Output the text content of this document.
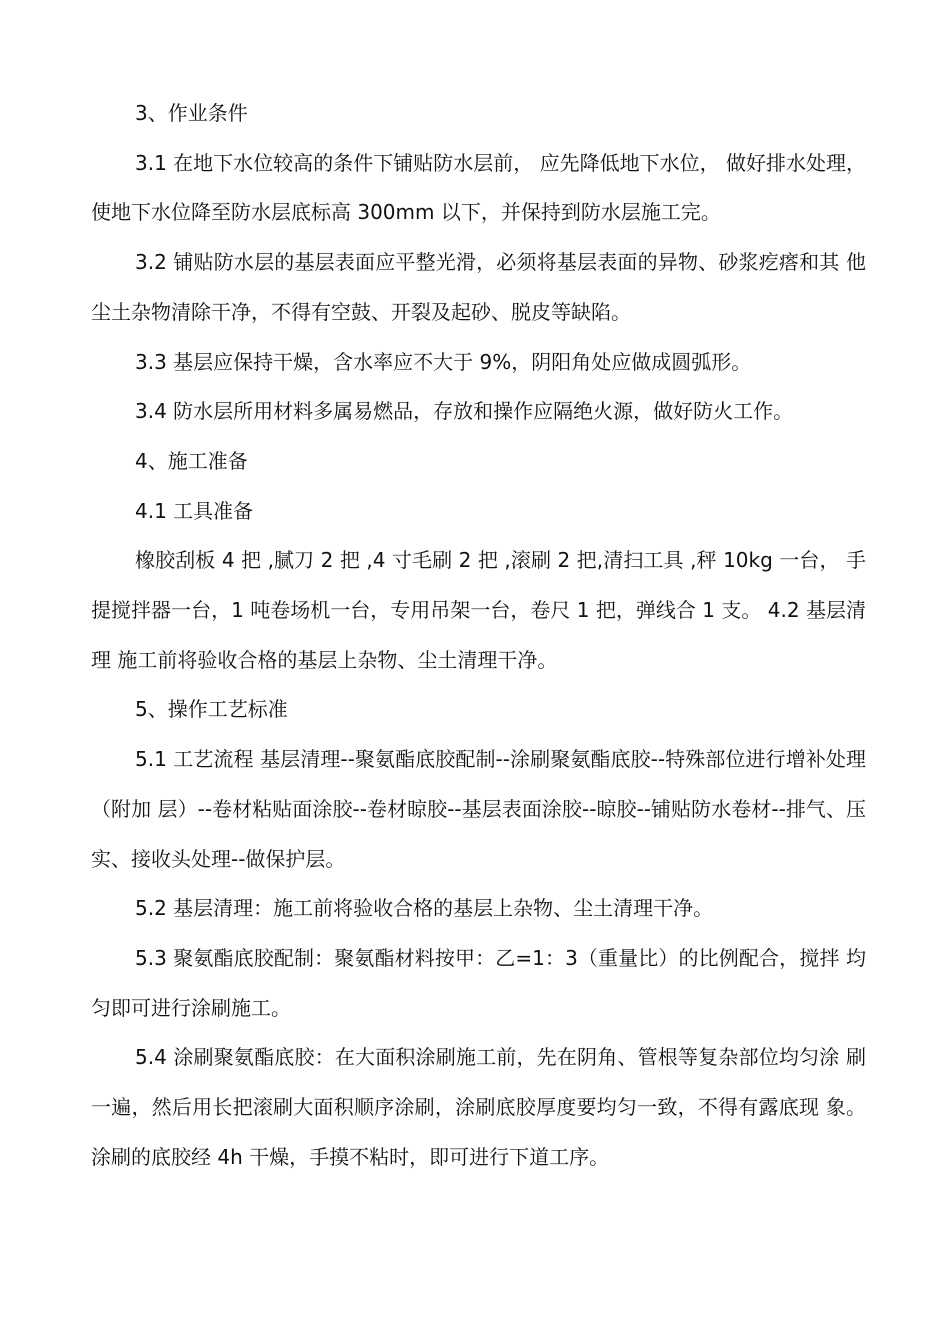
3、作业条件

3.1 在地下水位较高的条件下铺贴防水层前， 应先降低地下水位， 做好排水处理， 使地下水位降至防水层底标高 300mm 以下，并保持到防水层施工完。

3.2 铺贴防水层的基层表面应平整光滑，必须将基层表面的异物、砂浆疙瘩和其 他尘土杂物清除干净，不得有空鼓、开裂及起砂、脱皮等缺陷。

3.3 基层应保持干燥，含水率应不大于 9%，阴阳角处应做成圆弧形。

3.4 防水层所用材料多属易燃品，存放和操作应隔绝火源，做好防火工作。

4、施工准备

4.1 工具准备

橡胶刮板 4 把 ,腻刀 2 把 ,4 寸毛刷 2 把 ,滚刷 2 把,清扫工具 ,秤 10kg 一台， 手提搅拌器一台，1 吨卷场机一台，专用吊架一台，卷尺 1 把，弹线合 1 支。 4.2 基层清理 施工前将验收合格的基层上杂物、尘土清理干净。

5、操作工艺标准

5.1 工艺流程 基层清理--聚氨酯底胶配制--涂刷聚氨酯底胶--特殊部位进行增补处理（附加 层）--卷材粘贴面涂胶--卷材晾胶--基层表面涂胶--晾胶--铺贴防水卷材--排气、压 实、接收头处理--做保护层。

5.2 基层清理：施工前将验收合格的基层上杂物、尘土清理干净。

5.3 聚氨酯底胶配制：聚氨酯材料按甲：乙=1：3（重量比）的比例配合，搅拌 均匀即可进行涂刷施工。

5.4 涂刷聚氨酯底胶：在大面积涂刷施工前，先在阴角、管根等复杂部位均匀涂 刷一遍，然后用长把滚刷大面积顺序涂刷，涂刷底胶厚度要均匀一致，不得有露底现 象。涂刷的底胶经 4h 干燥，手摸不粘时，即可进行下道工序。
